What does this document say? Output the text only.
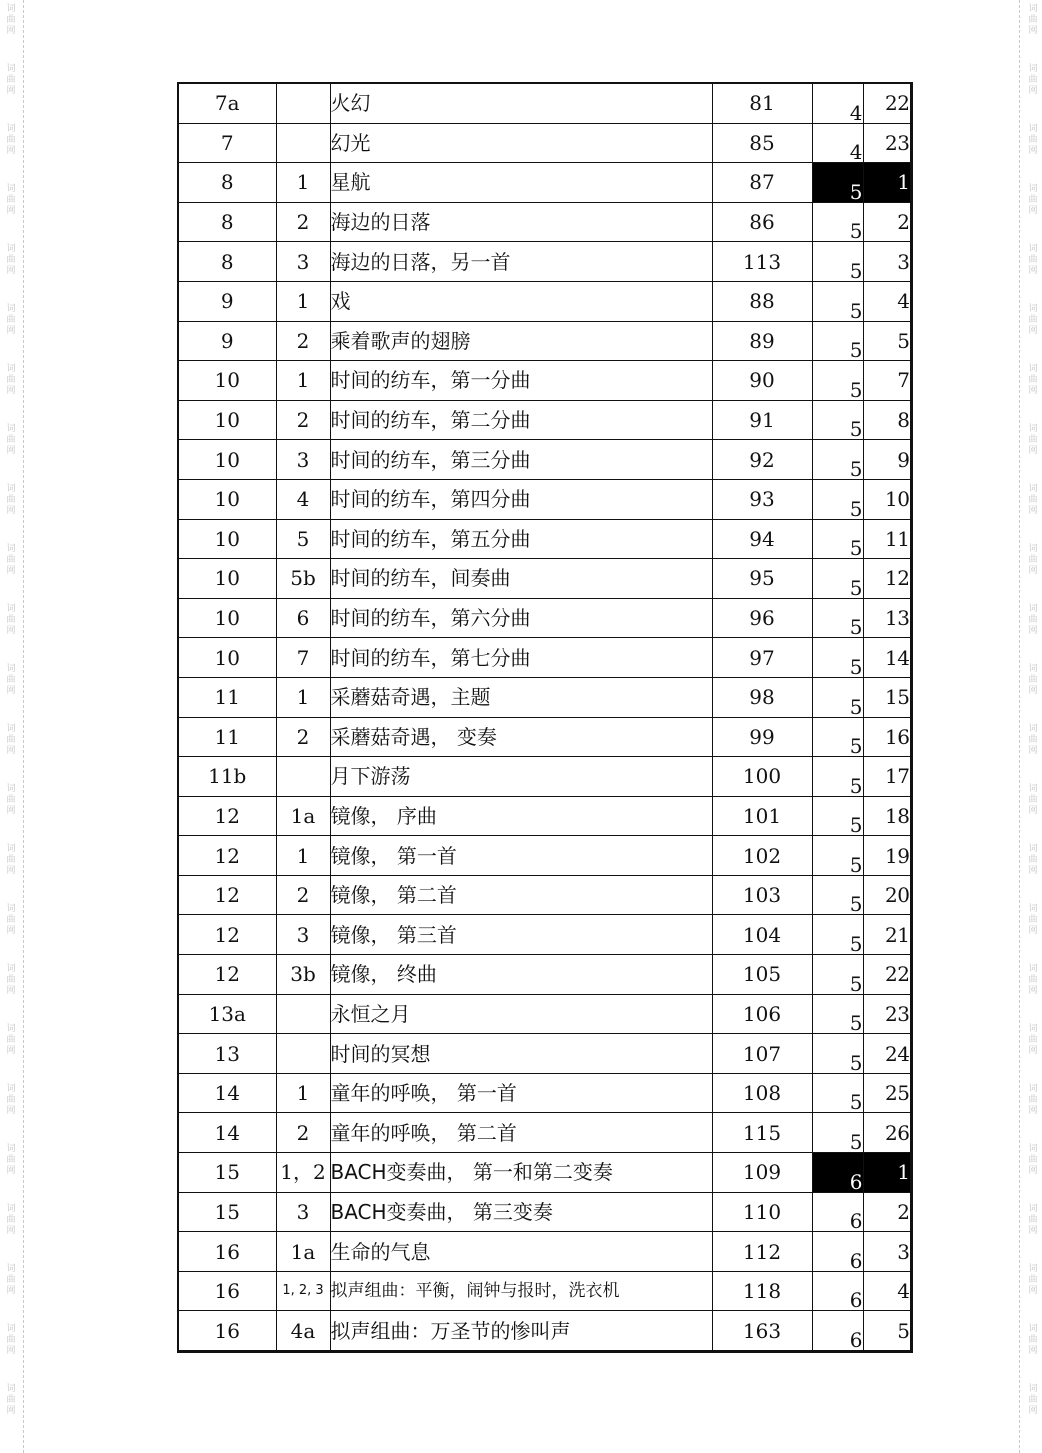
词
曲
网
词
曲
网
词
曲
网
词
曲
网
词
曲
网
词
曲
网
词
曲
网
词
曲
网
词
曲
网
词
曲
网
词
曲
网
词
曲
网
词
曲
网
词
曲
网
词
曲
网
词
曲
网
词
曲
网
词
曲
网
词
曲
网
词
曲
网
词
曲
网
词
曲
网
词
曲
网
词
曲
网
词
曲
网
词
曲
网
词
曲
网
词
曲
网
词
曲
网
词
曲
网
词
曲
网
词
曲
网
词
曲
网
词
曲
网
词
曲
网
词
曲
网
词
曲
网
词
曲
网
词
曲
网
词
曲
网
词
曲
网
词
曲
网
词
曲
网
词
曲
网
词
曲
网
词
曲
网
词
曲
网
词
曲
网
7a		火幻	81	4	22
7		幻光	85	4	23
8	1	星航	87	5	1
8	2	海边的日落	86	5	2
8	3	海边的日落，另一首	113	5	3
9	1	戏	88	5	4
9	2	乘着歌声的翅膀	89	5	5
10	1	时间的纺车，第一分曲	90	5	7
10	2	时间的纺车，第二分曲	91	5	8
10	3	时间的纺车，第三分曲	92	5	9
10	4	时间的纺车，第四分曲	93	5	10
10	5	时间的纺车，第五分曲	94	5	11
10	5b	时间的纺车，间奏曲	95	5	12
10	6	时间的纺车，第六分曲	96	5	13
10	7	时间的纺车，第七分曲	97	5	14
11	1	采蘑菇奇遇，主题	98	5	15
11	2	采蘑菇奇遇， 变奏	99	5	16
11b		月下游荡	100	5	17
12	1a	镜像， 序曲	101	5	18
12	1	镜像， 第一首	102	5	19
12	2	镜像， 第二首	103	5	20
12	3	镜像， 第三首	104	5	21
12	3b	镜像， 终曲	105	5	22
13a		永恒之月	106	5	23
13		时间的冥想	107	5	24
14	1	童年的呼唤， 第一首	108	5	25
14	2	童年的呼唤， 第二首	115	5	26
15	1，2	BACH变奏曲， 第一和第二变奏	109	6	1
15	3	BACH变奏曲， 第三变奏	110	6	2
16	1a	生命的气息	112	6	3
16	1, 2, 3	拟声组曲：平衡，闹钟与报时，洗衣机	118	6	4
16	4a	拟声组曲：万圣节的惨叫声	163	6	5
